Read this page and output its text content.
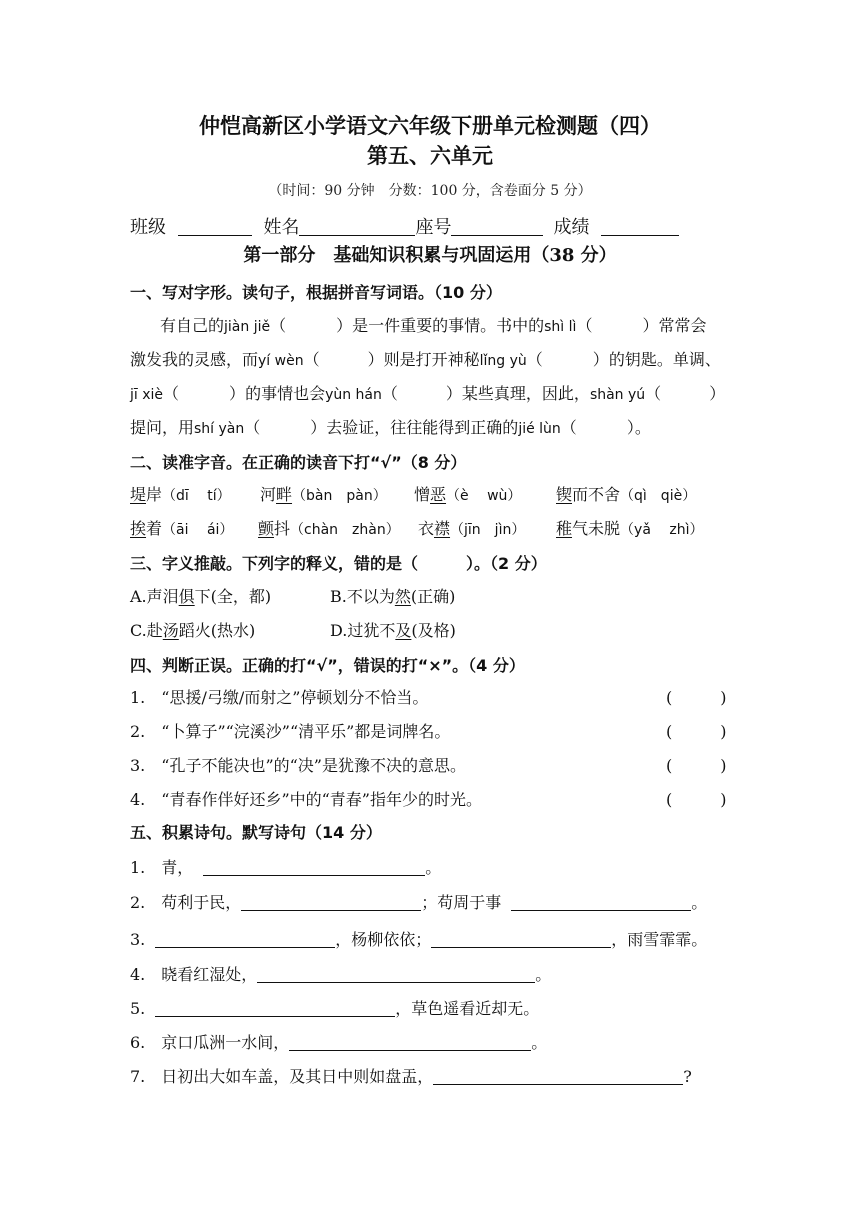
仲恺高新区小学语文六年级下册单元检测题（四）
第五、六单元
（时间：90 分钟　分数：100 分，含卷面分 5 分）
班级	姓名	座号	成绩
第一部分　基础知识积累与巩固运用（38 分）
一、写对字形。读句子，根据拼音写词语。（10 分）
有自己的jiàn jiě（	）是一件重要的事情。书中的shì lì（	）常常会
激发我的灵感，而yí wèn（	）则是打开神秘lǐng yù（	）的钥匙。单调、
jī xiè（	）的事情也会yùn hán（	）某些真理，因此，shàn yú（	）
提问，用shí yàn（	）去验证，往往能得到正确的jié lùn（	）。
二、读准字音。在正确的读音下打“√”（8 分）
堤岸（dī　 tí） 河畔（bàn　pàn） 憎恶（è　 wù） 锲而不舍（qì　qiè）
挨着（āi　 ái） 颤抖（chàn　zhàn） 衣襟（jīn　jìn） 稚气未脱（yǎ　 zhì）
三、字义推敲。下列字的释义，错的是（　　　）。（2 分）
A.声泪俱下(全，都)	B.不以为然(正确)
C.赴汤蹈火(热水)	D.过犹不及(及格)
四、判断正误。正确的打“√”，错误的打“×”。（4 分）
1.　“思援/弓缴/而射之”停顿划分不恰当。	(　　　)
2.　“卜算子”“浣溪沙”“清平乐”都是词牌名。	(　　　)
3.　“孔子不能决也”的“决”是犹豫不决的意思。	(　　　)
4.　“青春作伴好还乡”中的“青春”指年少的时光。	(　　　)
五、积累诗句。默写诗句（14 分）
1.　青，	。
2.　苟利于民，	；苟周于事	。
3.	，杨柳依依；	，雨雪霏霏。
4.　晓看红湿处，	。
5.	，草色遥看近却无。
6.　京口瓜洲一水间，	。
7.　日初出大如车盖，及其日中则如盘盂，	?
